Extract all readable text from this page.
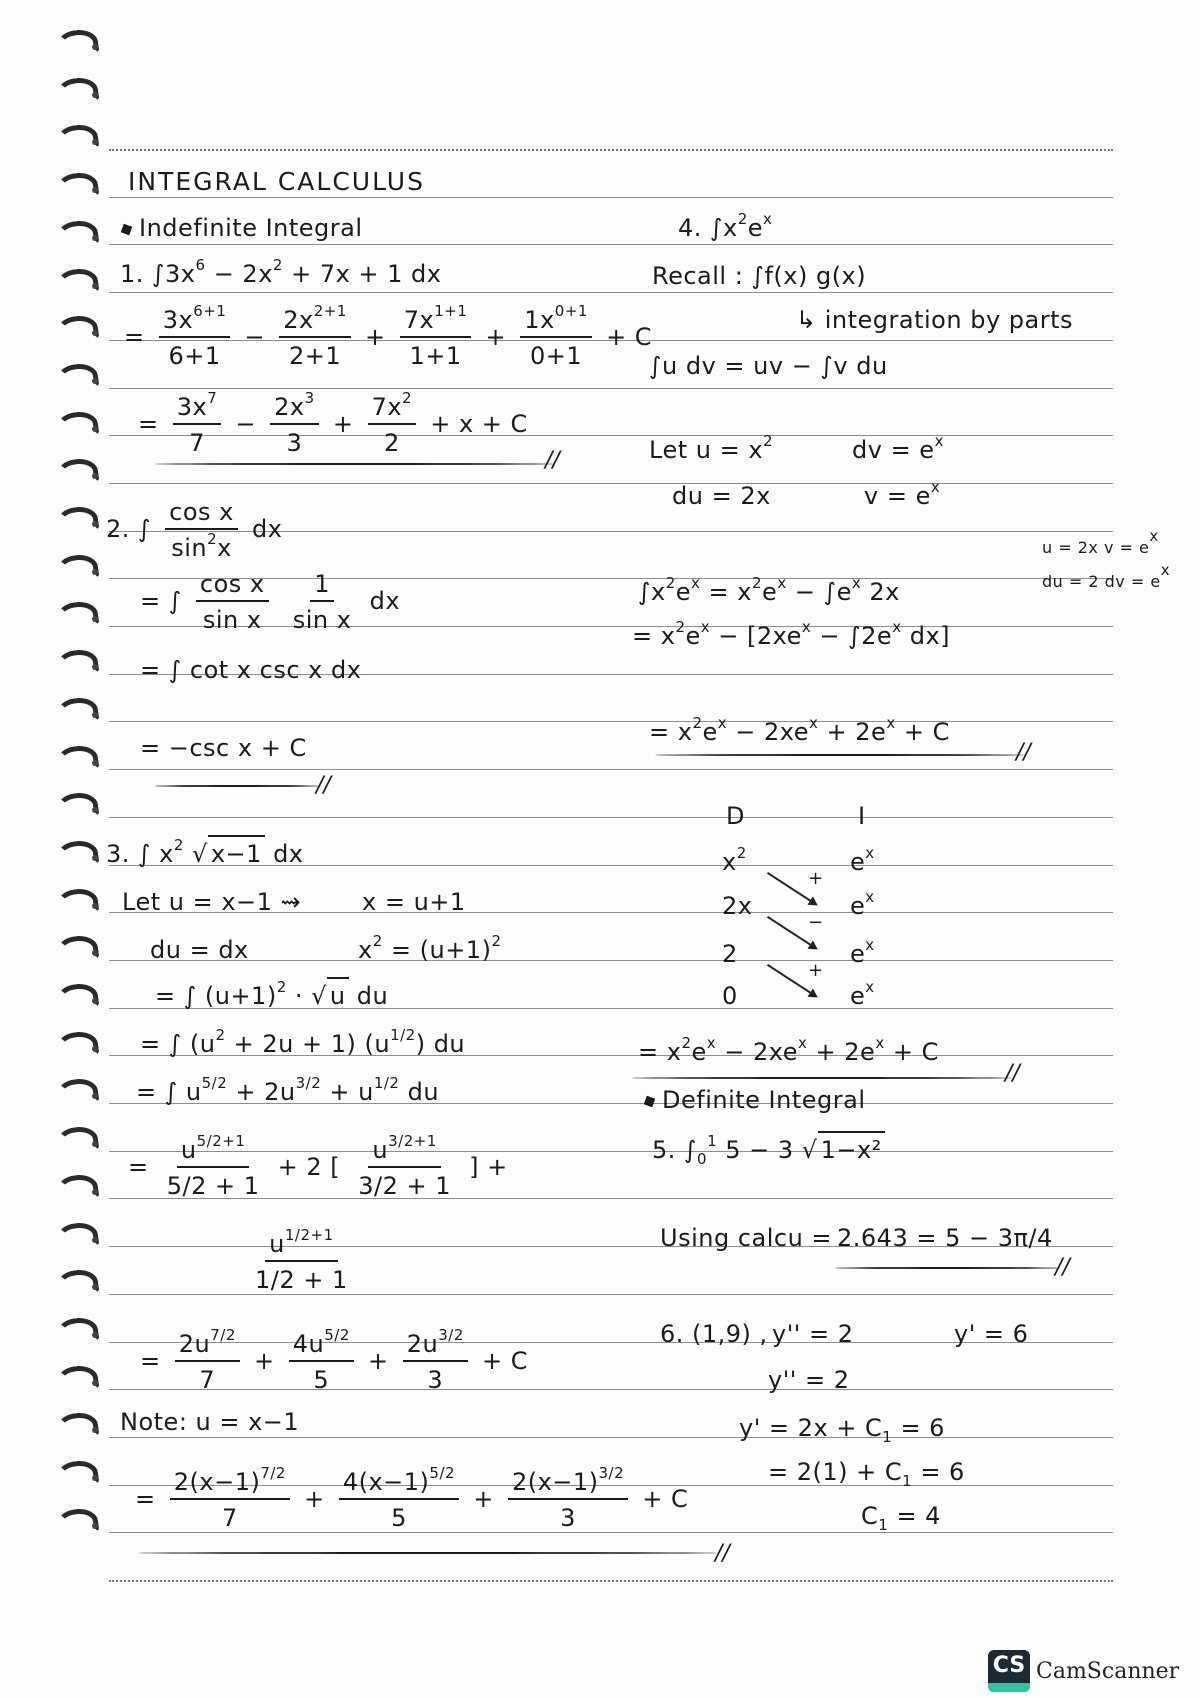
INTEGRAL CALCULUS
Indefinite Integral
1. $\int 3x^6 - 2x^2 + 7x + 1$ dx
= $\frac{3x^{6+1}}{6+1} - \frac{2x^{2+1}}{2+1} + \frac{7x^{1+1}}{1+1} + \frac{1x^{0+1}}{0+1} + C$
= $\frac{3x^7}{7} - \frac{2x^3}{3} + \frac{7x^2}{2} + x + C$
//
2. ∫ $\frac{\text{cos x}}{\sin^2x}$ dx
= ∫ $\frac{\text{cos x}}{\text{sin x}}$
$\frac{1}{\text{sin x}}$ dx
= ∫ cot x csc x dx
= −csc x + C
//
3. ∫ $x^2$ √ x−1 dx
Let u = x−1 ⇝	x = u+1
du = dx	$x^2 = (u+1)^2$
= ∫ $(u+1)^2$ · √ u du
= ∫ $(u^2 + 2u + 1)$ $(u^{1/2})$ du
= ∫ $u^{5/2} + 2u^{3/2} + u^{1/2}$ du
= $\frac{u^{5/2+1}}{5/2 + 1} + 2$ [ $\frac{u^{3/2+1}}{3/2 + 1}$ ] +
$\frac{u^{1/2+1}}{1/2 + 1}$
= $\frac{2u^{7/2}}{7} + \frac{4u^{5/2}}{5} + \frac{2u^{3/2}}{3} + C$
Note: u = x−1
= $\frac{2(x-1)^{7/2}}{7} + \frac{4(x-1)^{5/2}}{5} + \frac{2(x-1)^{3/2}}{3} + C$
//
4. $\int x^2e^x$
Recall : ∫f(x) g(x)
↳ integration by parts
∫u dv = uv − ∫v du
Let $u = x^2$	dv = $e^x$
du = 2x	$v = e^x$
u = 2x v = ex
du = 2 dv = ex
$\int x^2e^x = x^2e^x - \int e^x$ 2x
= $x^2e^x - [2xe^x - \int 2e^x$ dx]
= $x^2e^x - 2xe^x + 2e^x + C$
//
D	I
$x^2$	$e^x$
2x	$e^x$
2	$e^x$
0	$e^x$
+
−
+
= $x^2e^x - 2xe^x + 2e^x + C$
//
Definite Integral
5. $\int_0^1$ 5 − 3 √ 1−x²
Using calcu = 2.643 = 5 − 3π/4
//
6. (1,9) , y'' = 2	y' = 6
y'' = 2
$y' = 2x + C_1 = 6$
= $2(1) + C_1 = 6$
$C_1 = 4$
CS CamScanner
